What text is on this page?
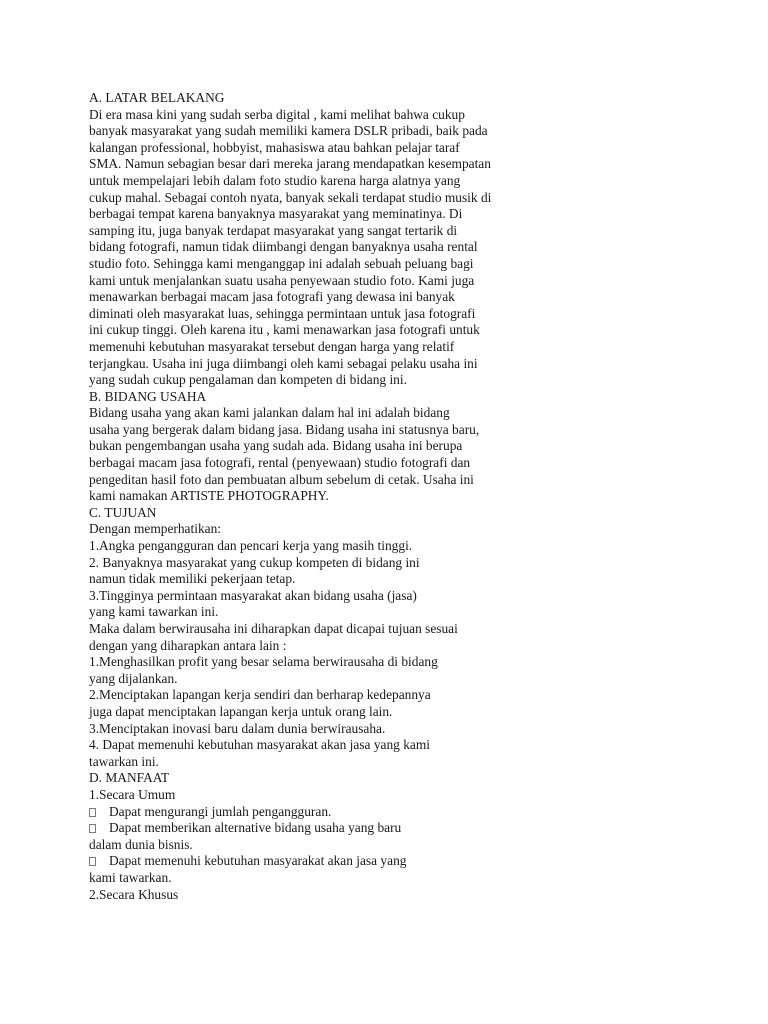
A. LATAR BELAKANG
Di era masa kini yang sudah serba digital , kami melihat bahwa cukup
banyak masyarakat yang sudah memiliki kamera DSLR pribadi, baik pada
kalangan professional, hobbyist, mahasiswa atau bahkan pelajar taraf
SMA. Namun sebagian besar dari mereka jarang mendapatkan kesempatan
untuk mempelajari lebih dalam foto studio karena harga alatnya yang
cukup mahal. Sebagai contoh nyata, banyak sekali terdapat studio musik di
berbagai tempat karena banyaknya masyarakat yang meminatinya. Di
samping itu, juga banyak terdapat masyarakat yang sangat tertarik di
bidang fotografi, namun tidak diimbangi dengan banyaknya usaha rental
studio foto. Sehingga kami menganggap ini adalah sebuah peluang bagi
kami untuk menjalankan suatu usaha penyewaan studio foto. Kami juga
menawarkan berbagai macam jasa fotografi yang dewasa ini banyak
diminati oleh masyarakat luas, sehingga permintaan untuk jasa fotografi
ini cukup tinggi. Oleh karena itu , kami menawarkan jasa fotografi untuk
memenuhi kebutuhan masyarakat tersebut dengan harga yang relatif
terjangkau. Usaha ini juga diimbangi oleh kami sebagai pelaku usaha ini
yang sudah cukup pengalaman dan kompeten di bidang ini.
B. BIDANG USAHA
Bidang usaha yang akan kami jalankan dalam hal ini adalah bidang
usaha yang bergerak dalam bidang jasa. Bidang usaha ini statusnya baru,
bukan pengembangan usaha yang sudah ada. Bidang usaha ini berupa
berbagai macam jasa fotografi, rental (penyewaan) studio fotografi dan
pengeditan hasil foto dan pembuatan album sebelum di cetak. Usaha ini
kami namakan ARTISTE PHOTOGRAPHY.
C. TUJUAN
Dengan memperhatikan:
1.Angka pengangguran dan pencari kerja yang masih tinggi.
2. Banyaknya masyarakat yang cukup kompeten di bidang ini
namun tidak memiliki pekerjaan tetap.
3.Tingginya permintaan masyarakat akan bidang usaha (jasa)
yang kami tawarkan ini.
Maka dalam berwirausaha ini diharapkan dapat dicapai tujuan sesuai
dengan yang diharapkan antara lain :
1.Menghasilkan profit yang besar selama berwirausaha di bidang
yang dijalankan.
2.Menciptakan lapangan kerja sendiri dan berharap kedepannya
juga dapat menciptakan lapangan kerja untuk orang lain.
3.Menciptakan inovasi baru dalam dunia berwirausaha.
4. Dapat memenuhi kebutuhan masyarakat akan jasa yang kami
tawarkan ini.
D. MANFAAT
1.Secara Umum
Dapat mengurangi jumlah pengangguran.
Dapat memberikan alternative bidang usaha yang baru
dalam dunia bisnis.
Dapat memenuhi kebutuhan masyarakat akan jasa yang
kami tawarkan.
2.Secara Khusus
